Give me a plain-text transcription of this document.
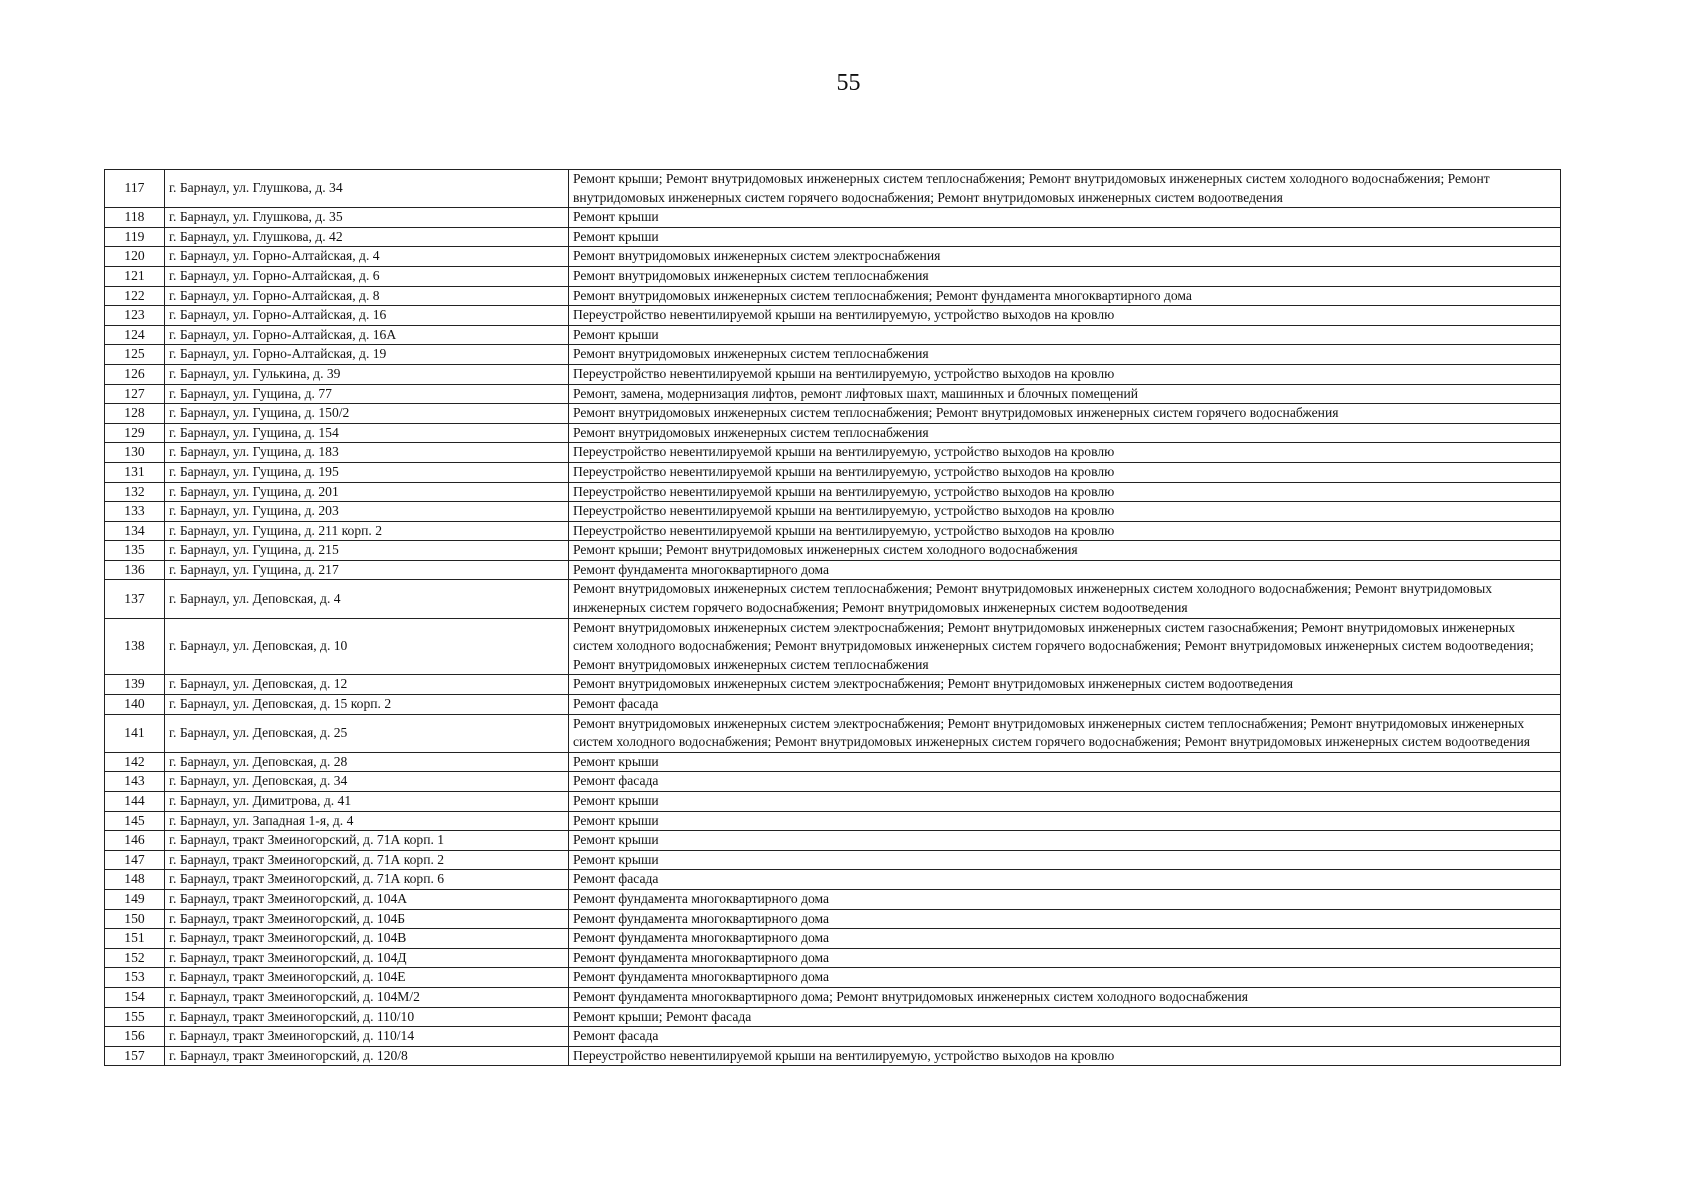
55
117	г. Барнаул, ул. Глушкова, д. 34	Ремонт крыши; Ремонт внутридомовых инженерных систем теплоснабжения; Ремонт внутридомовых инженерных систем холодного водоснабжения; Ремонт внутридомовых инженерных систем горячего водоснабжения; Ремонт внутридомовых инженерных систем водоотведения
118	г. Барнаул, ул. Глушкова, д. 35	Ремонт крыши
119	г. Барнаул, ул. Глушкова, д. 42	Ремонт крыши
120	г. Барнаул, ул. Горно-Алтайская, д. 4	Ремонт внутридомовых инженерных систем электроснабжения
121	г. Барнаул, ул. Горно-Алтайская, д. 6	Ремонт внутридомовых инженерных систем теплоснабжения
122	г. Барнаул, ул. Горно-Алтайская, д. 8	Ремонт внутридомовых инженерных систем теплоснабжения; Ремонт фундамента многоквартирного дома
123	г. Барнаул, ул. Горно-Алтайская, д. 16	Переустройство невентилируемой крыши на вентилируемую, устройство выходов на кровлю
124	г. Барнаул, ул. Горно-Алтайская, д. 16А	Ремонт крыши
125	г. Барнаул, ул. Горно-Алтайская, д. 19	Ремонт внутридомовых инженерных систем теплоснабжения
126	г. Барнаул, ул. Гулькина, д. 39	Переустройство невентилируемой крыши на вентилируемую, устройство выходов на кровлю
127	г. Барнаул, ул. Гущина, д. 77	Ремонт, замена, модернизация лифтов, ремонт лифтовых шахт, машинных и блочных помещений
128	г. Барнаул, ул. Гущина, д. 150/2	Ремонт внутридомовых инженерных систем теплоснабжения; Ремонт внутридомовых инженерных систем горячего водоснабжения
129	г. Барнаул, ул. Гущина, д. 154	Ремонт внутридомовых инженерных систем теплоснабжения
130	г. Барнаул, ул. Гущина, д. 183	Переустройство невентилируемой крыши на вентилируемую, устройство выходов на кровлю
131	г. Барнаул, ул. Гущина, д. 195	Переустройство невентилируемой крыши на вентилируемую, устройство выходов на кровлю
132	г. Барнаул, ул. Гущина, д. 201	Переустройство невентилируемой крыши на вентилируемую, устройство выходов на кровлю
133	г. Барнаул, ул. Гущина, д. 203	Переустройство невентилируемой крыши на вентилируемую, устройство выходов на кровлю
134	г. Барнаул, ул. Гущина, д. 211 корп. 2	Переустройство невентилируемой крыши на вентилируемую, устройство выходов на кровлю
135	г. Барнаул, ул. Гущина, д. 215	Ремонт крыши; Ремонт внутридомовых инженерных систем холодного водоснабжения
136	г. Барнаул, ул. Гущина, д. 217	Ремонт фундамента многоквартирного дома
137	г. Барнаул, ул. Деповская, д. 4	Ремонт внутридомовых инженерных систем теплоснабжения; Ремонт внутридомовых инженерных систем холодного водоснабжения; Ремонт внутридомовых инженерных систем горячего водоснабжения; Ремонт внутридомовых инженерных систем водоотведения
138	г. Барнаул, ул. Деповская, д. 10	Ремонт внутридомовых инженерных систем электроснабжения; Ремонт внутридомовых инженерных систем газоснабжения; Ремонт внутридомовых инженерных систем холодного водоснабжения; Ремонт внутридомовых инженерных систем горячего водоснабжения; Ремонт внутридомовых инженерных систем водоотведения; Ремонт внутридомовых инженерных систем теплоснабжения
139	г. Барнаул, ул. Деповская, д. 12	Ремонт внутридомовых инженерных систем электроснабжения; Ремонт внутридомовых инженерных систем водоотведения
140	г. Барнаул, ул. Деповская, д. 15 корп. 2	Ремонт фасада
141	г. Барнаул, ул. Деповская, д. 25	Ремонт внутридомовых инженерных систем электроснабжения; Ремонт внутридомовых инженерных систем теплоснабжения; Ремонт внутридомовых инженерных систем холодного водоснабжения; Ремонт внутридомовых инженерных систем горячего водоснабжения; Ремонт внутридомовых инженерных систем водоотведения
142	г. Барнаул, ул. Деповская, д. 28	Ремонт крыши
143	г. Барнаул, ул. Деповская, д. 34	Ремонт фасада
144	г. Барнаул, ул. Димитрова, д. 41	Ремонт крыши
145	г. Барнаул, ул. Западная 1-я, д. 4	Ремонт крыши
146	г. Барнаул, тракт Змеиногорский, д. 71А корп. 1	Ремонт крыши
147	г. Барнаул, тракт Змеиногорский, д. 71А корп. 2	Ремонт крыши
148	г. Барнаул, тракт Змеиногорский, д. 71А корп. 6	Ремонт фасада
149	г. Барнаул, тракт Змеиногорский, д. 104А	Ремонт фундамента многоквартирного дома
150	г. Барнаул, тракт Змеиногорский, д. 104Б	Ремонт фундамента многоквартирного дома
151	г. Барнаул, тракт Змеиногорский, д. 104В	Ремонт фундамента многоквартирного дома
152	г. Барнаул, тракт Змеиногорский, д. 104Д	Ремонт фундамента многоквартирного дома
153	г. Барнаул, тракт Змеиногорский, д. 104Е	Ремонт фундамента многоквартирного дома
154	г. Барнаул, тракт Змеиногорский, д. 104М/2	Ремонт фундамента многоквартирного дома; Ремонт внутридомовых инженерных систем холодного водоснабжения
155	г. Барнаул, тракт Змеиногорский, д. 110/10	Ремонт крыши; Ремонт фасада
156	г. Барнаул, тракт Змеиногорский, д. 110/14	Ремонт фасада
157	г. Барнаул, тракт Змеиногорский, д. 120/8	Переустройство невентилируемой крыши на вентилируемую, устройство выходов на кровлю
